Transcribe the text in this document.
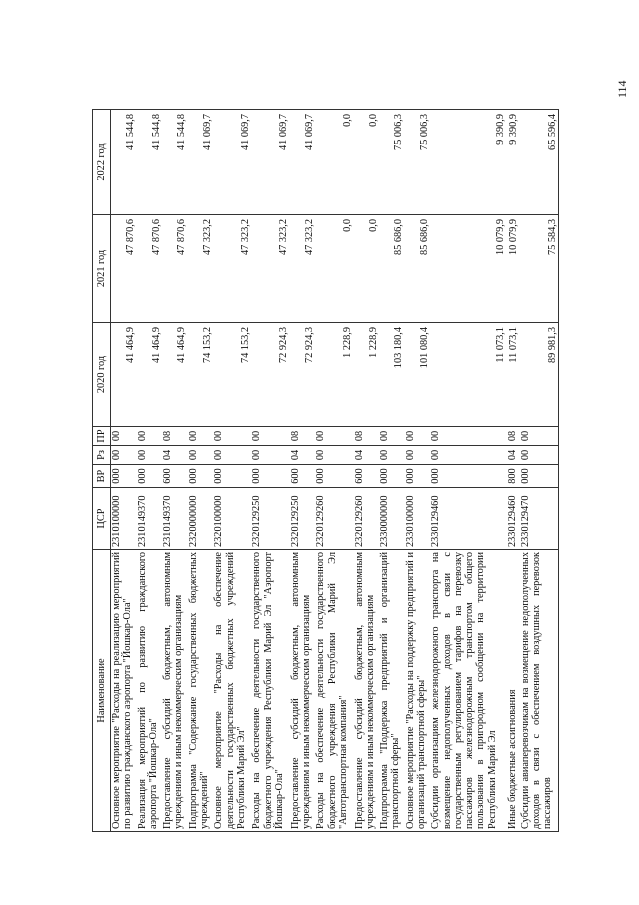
114
Наименование	ЦСР	ВР	Рз	ПР	2020 год	2021 год	2022 год
Основное мероприятие "Расходы на реализацию мероприятий по развитию гражданского аэропорта "Йошкар-Ола"	2310100000	000	00	00	41 464,9	47 870,6	41 544,8
Реализация мероприятий по развитию гражданского аэропорта "Йошкар-Ола"	2310149370	000	00	00	41 464,9	47 870,6	41 544,8
Предоставление субсидий бюджетным, автономным учреждениям и иным некоммерческим организациям	2310149370	600	04	08	41 464,9	47 870,6	41 544,8
Подпрограмма "Содержание государственных бюджетных учреждений"	2320000000	000	00	00	74 153,2	47 323,2	41 069,7
Основное мероприятие "Расходы на обеспечение деятельности государственных бюджетных учреждений Республики Марий Эл"	2320100000	000	00	00	74 153,2	47 323,2	41 069,7
Расходы на обеспечение деятельности государственного бюджетного учреждения Республики Марий Эл "Аэропорт Йошкар-Ола"	2320129250	000	00	00	72 924,3	47 323,2	41 069,7
Предоставление субсидий бюджетным, автономным учреждениям и иным некоммерческим организациям	2320129250	600	04	08	72 924,3	47 323,2	41 069,7
Расходы на обеспечение деятельности государственного бюджетного учреждения Республики Марий Эл "Автотранспортная компания"	2320129260	000	00	00	1 228,9	0,0	0,0
Предоставление субсидий бюджетным, автономным учреждениям и иным некоммерческим организациям	2320129260	600	04	08	1 228,9	0,0	0,0
Подпрограмма "Поддержка предприятий и организаций транспортной сферы"	2330000000	000	00	00	103 180,4	85 686,0	75 006,3
Основное мероприятие "Расходы на поддержку предприятий и организаций транспортной сферы"	2330100000	000	00	00	101 080,4	85 686,0	75 006,3
Субсидии организациям железнодорожного транспорта на возмещение недополученных доходов в связи с государственным регулированием тарифов на перевозку пассажиров железнодорожным транспортом общего пользования в пригородном сообщении на территории Республики Марий Эл	2330129460	000	00	00	11 073,1	10 079,9	9 390,9
Иные бюджетные ассигнования	2330129460	800	04	08	11 073,1	10 079,9	9 390,9
Субсидии авиаперевозчикам на возмещение недополученных доходов в связи с обеспечением воздушных перевозок пассажиров	2330129470	000	00	00	89 981,3	75 584,3	65 596,4
